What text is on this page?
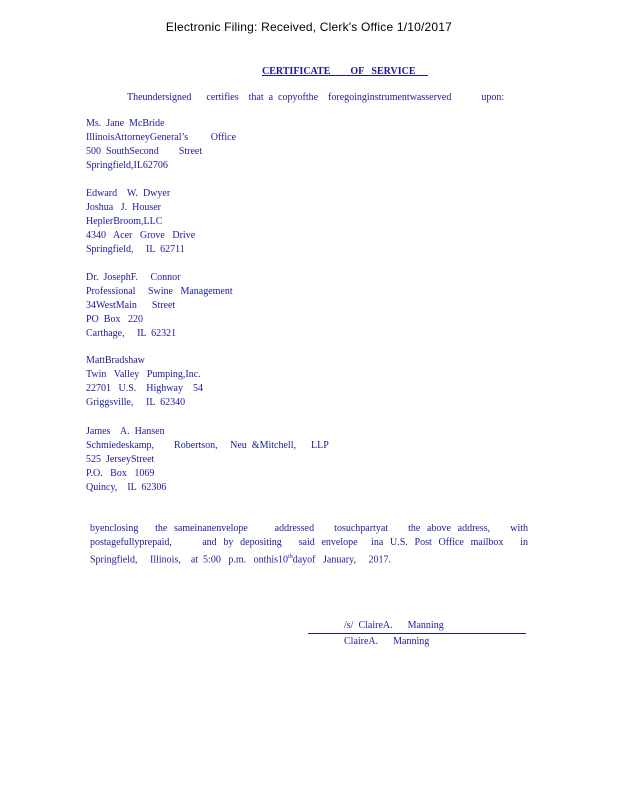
Electronic Filing: Received, Clerk's Office 1/10/2017
CERTIFICATE        OF   SERVICE
Theundersigned      certifies    that  a  copyofthe    foregoinginstrumentwasserved            upon:
Ms.  Jane  McBride
IllinoisAttorneyGeneral’s         Office
500  SouthSecond        Street
Springfield,IL62706
Edward    W.  Dwyer
Joshua   J.  Houser
HeplerBroom,LLC
4340   Acer   Grove   Drive
Springfield,     IL  62711
Dr.  JosephF.     Connor
Professional     Swine   Management
34WestMain      Street
PO  Box   220
Carthage,     IL  62321
MattBradshaw
Twin   Valley   Pumping,Inc.
22701   U.S.    Highway    54
Griggsville,     IL  62340
James    A.  Hansen
Schmiedeskamp,        Robertson,     Neu  &Mitchell,      LLP
525  JerseyStreet
P.O.   Box   1069
Quincy,    IL  62306
byenclosing     the  sameinanenvelope        addressed      tosuchpartyat      the  above  address,      with
postagefullyprepaid,         and  by  depositing     said  envelope    ina  U.S.  Post  Office  mailbox     in
Springfield,     Illinois,    at  5:00   p.m.   onthis10thdayof   January,     2017.
/s/  ClaireA.      Manning
ClaireA.      Manning
